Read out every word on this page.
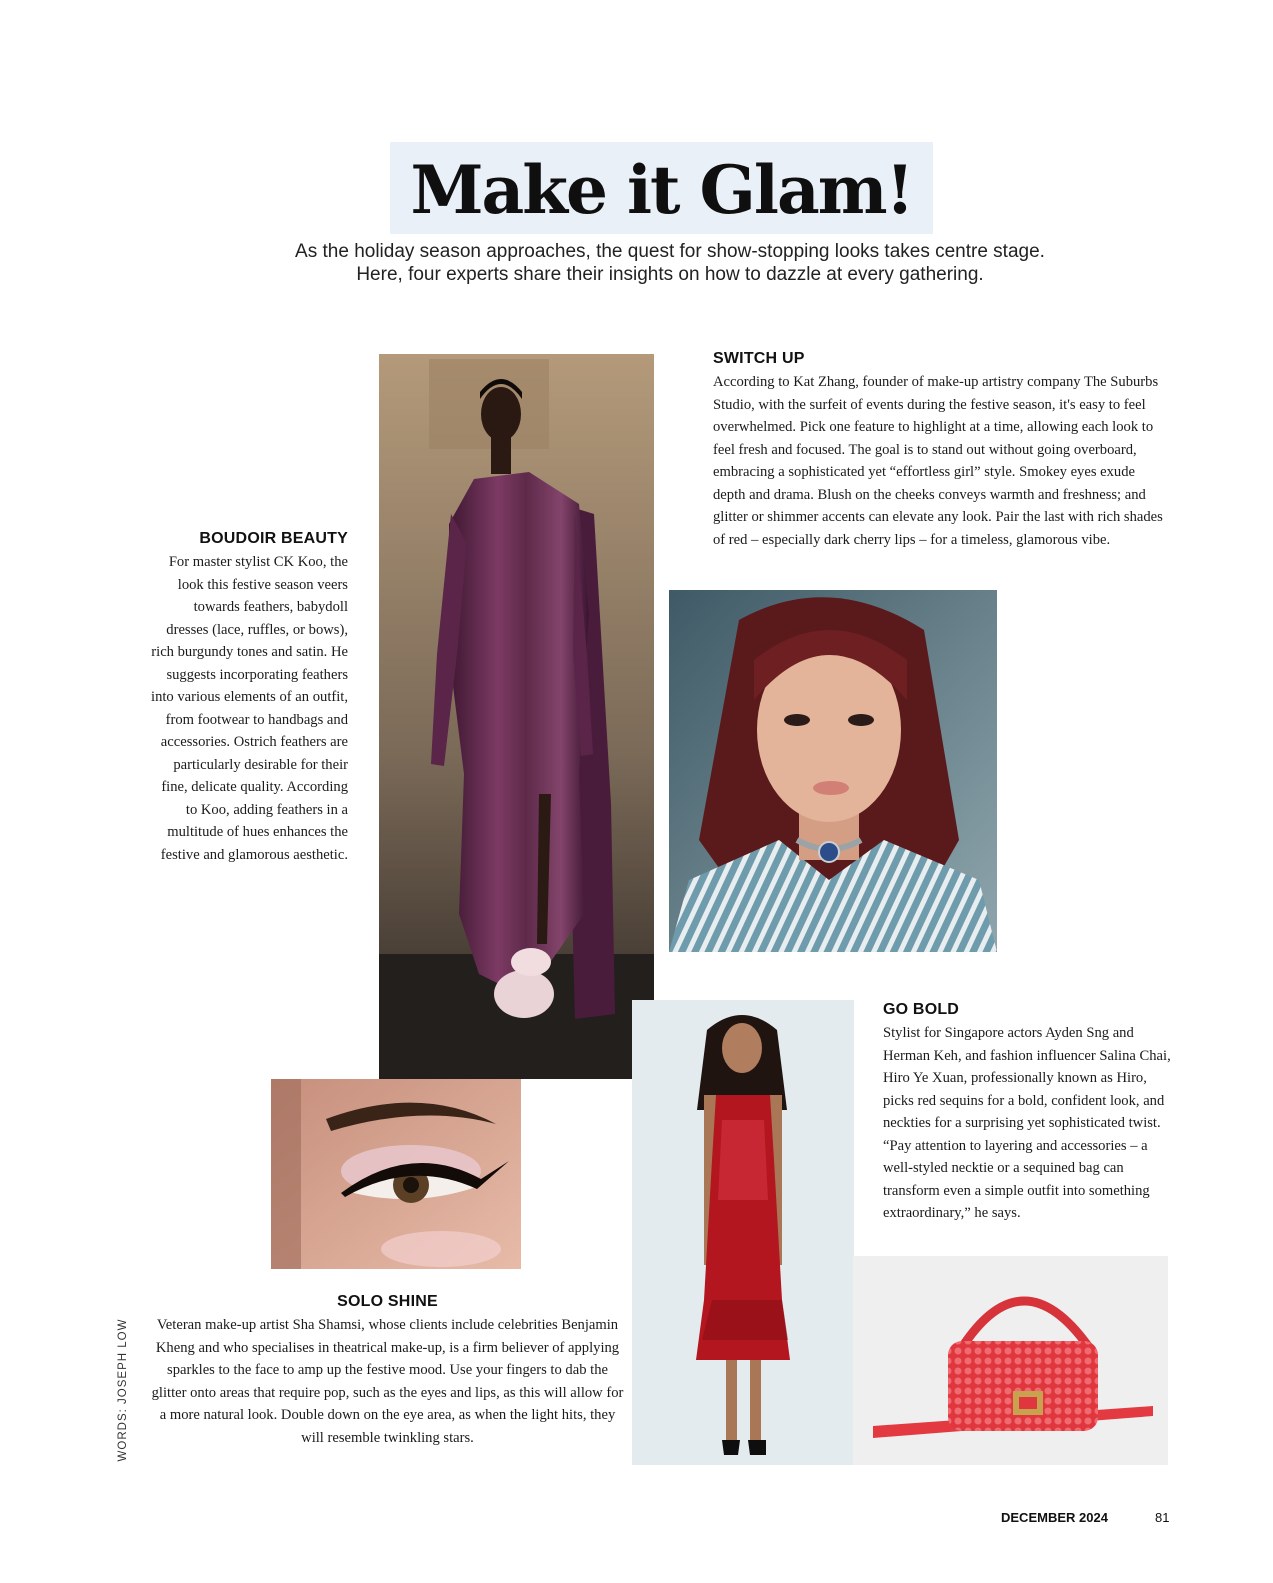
Make it Glam!
As the holiday season approaches, the quest for show-stopping looks takes centre stage.
Here, four experts share their insights on how to dazzle at every gathering.
SWITCH UP

According to Kat Zhang, founder of make-up artistry company The Suburbs Studio, with the surfeit of events during the festive season, it's easy to feel overwhelmed. Pick one feature to highlight at a time, allowing each look to feel fresh and focused. The goal is to stand out without going overboard, embracing a sophisticated yet “effortless girl” style. Smokey eyes exude depth and drama. Blush on the cheeks conveys warmth and freshness; and glitter or shimmer accents can elevate any look. Pair the last with rich shades of red – especially dark cherry lips – for a timeless, glamorous vibe.

BOUDOIR BEAUTY

For master stylist CK Koo, the look this festive season veers towards feathers, babydoll dresses (lace, ruffles, or bows), rich burgundy tones and satin. He suggests incorporating feathers into various elements of an outfit, from footwear to handbags and accessories. Ostrich feathers are particularly desirable for their fine, delicate quality. According to Koo, adding feathers in a multitude of hues enhances the festive and glamorous aesthetic.

GO BOLD

Stylist for Singapore actors Ayden Sng and Herman Keh, and fashion influencer Salina Chai, Hiro Ye Xuan, professionally known as Hiro, picks red sequins for a bold, confident look, and neckties for a surprising yet sophisticated twist. “Pay attention to layering and accessories – a well-styled necktie or a sequined bag can transform even a simple outfit into something extraordinary,” he says.

SOLO SHINE

Veteran make-up artist Sha Shamsi, whose clients include celebrities Benjamin Kheng and who specialises in theatrical make-up, is a firm believer of applying sparkles to the face to amp up the festive mood. Use your fingers to dab the glitter onto areas that require pop, such as the eyes and lips, as this will allow for a more natural look. Double down on the eye area, as when the light hits, they will resemble twinkling stars.

WORDS: JOSEPH LOW
DECEMBER 2024	81
